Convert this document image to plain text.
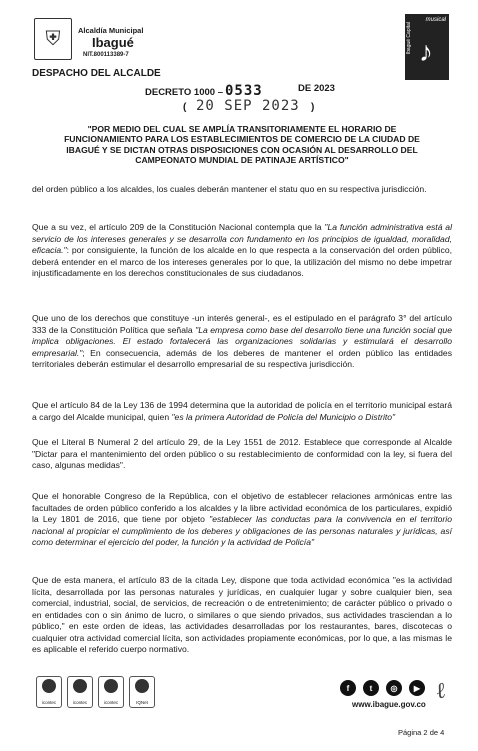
⛨	Alcaldía Municipal
Ibagué
NIT.800113389-7
DESPACHO DEL ALCALDE
musical
Ibagué Capital ♪
DECRETO 1000 – 0533	DE 2023
( 20 SEP 2023 )
"POR MEDIO DEL CUAL SE AMPLÍA TRANSITORIAMENTE EL HORARIO DE FUNCIONAMIENTO PARA LOS ESTABLECIMIENTOS DE COMERCIO DE LA CIUDAD DE IBAGUÉ Y SE DICTAN OTRAS DISPOSICIONES CON OCASIÓN AL DESARROLLO DEL CAMPEONATO MUNDIAL DE PATINAJE ARTÍSTICO"
del orden público a los alcaldes, los cuales deberán mantener el statu quo en su respectiva jurisdicción.
Que a su vez, el artículo 209 de la Constitución Nacional contempla que la "La función administrativa está al servicio de los intereses generales y se desarrolla con fundamento en los principios de igualdad, moralidad, eficacia.": por consiguiente, la función de los alcalde en lo que respecta a la conservación del orden público, deberá entender en el marco de los intereses generales por lo que, la utilización del mismo no debe impetrar injustificadamente en los derechos constitucionales de sus ciudadanos.
Que uno de los derechos que constituye -un interés general-, es el estipulado en el parágrafo 3° del artículo 333 de la Constitución Política que señala "La empresa como base del desarrollo tiene una función social que implica obligaciones. El estado fortalecerá las organizaciones solidarias y estimulará el desarrollo empresarial."; En consecuencia, además de los deberes de mantener el orden público las entidades territoriales deberán estimular el desarrollo empresarial de su respectiva jurisdicción.
Que el artículo 84 de la Ley 136 de 1994 determina que la autoridad de policía en el territorio municipal estará a cargo del Alcalde municipal, quien "es la primera Autoridad de Policía del Municipio o Distrito"
Que el Literal B Numeral 2 del artículo 29, de la Ley 1551 de 2012. Establece que corresponde al Alcalde "Dictar para el mantenimiento del orden público o su restablecimiento de conformidad con la ley, si fuera del caso, algunas medidas".
Que el honorable Congreso de la República, con el objetivo de establecer relaciones armónicas entre las facultades de orden público conferido a los alcaldes y la libre actividad económica de los particulares, expidió la Ley 1801 de 2016, que tiene por objeto "establecer las conductas para la convivencia en el territorio nacional al propiciar el cumplimiento de los deberes y obligaciones de las personas naturales y jurídicas, así como determinar el ejercicio del poder, la función y la actividad de Policía"
Que de esta manera, el artículo 83 de la citada Ley, dispone que toda actividad económica "es la actividad lícita, desarrollada por las personas naturales y jurídicas, en cualquier lugar y sobre cualquier bien, sea comercial, industrial, social, de servicios, de recreación o de entretenimiento; de carácter público o privado o en entidades con o sin ánimo de lucro, o similares o que siendo privados, sus actividades trasciendan a lo público," en este orden de ideas, las actividades desarrolladas por los restaurantes, bares, discotecas o cualquier otra actividad comercial lícita, son actividades propiamente económicas, por lo que, a las mismas le es aplicable el referido cuerpo normativo.
icontec	icontec	icontec	IQNet
f	t	◎	▶
www.ibague.gov.co ℓ
Página 2 de 4
